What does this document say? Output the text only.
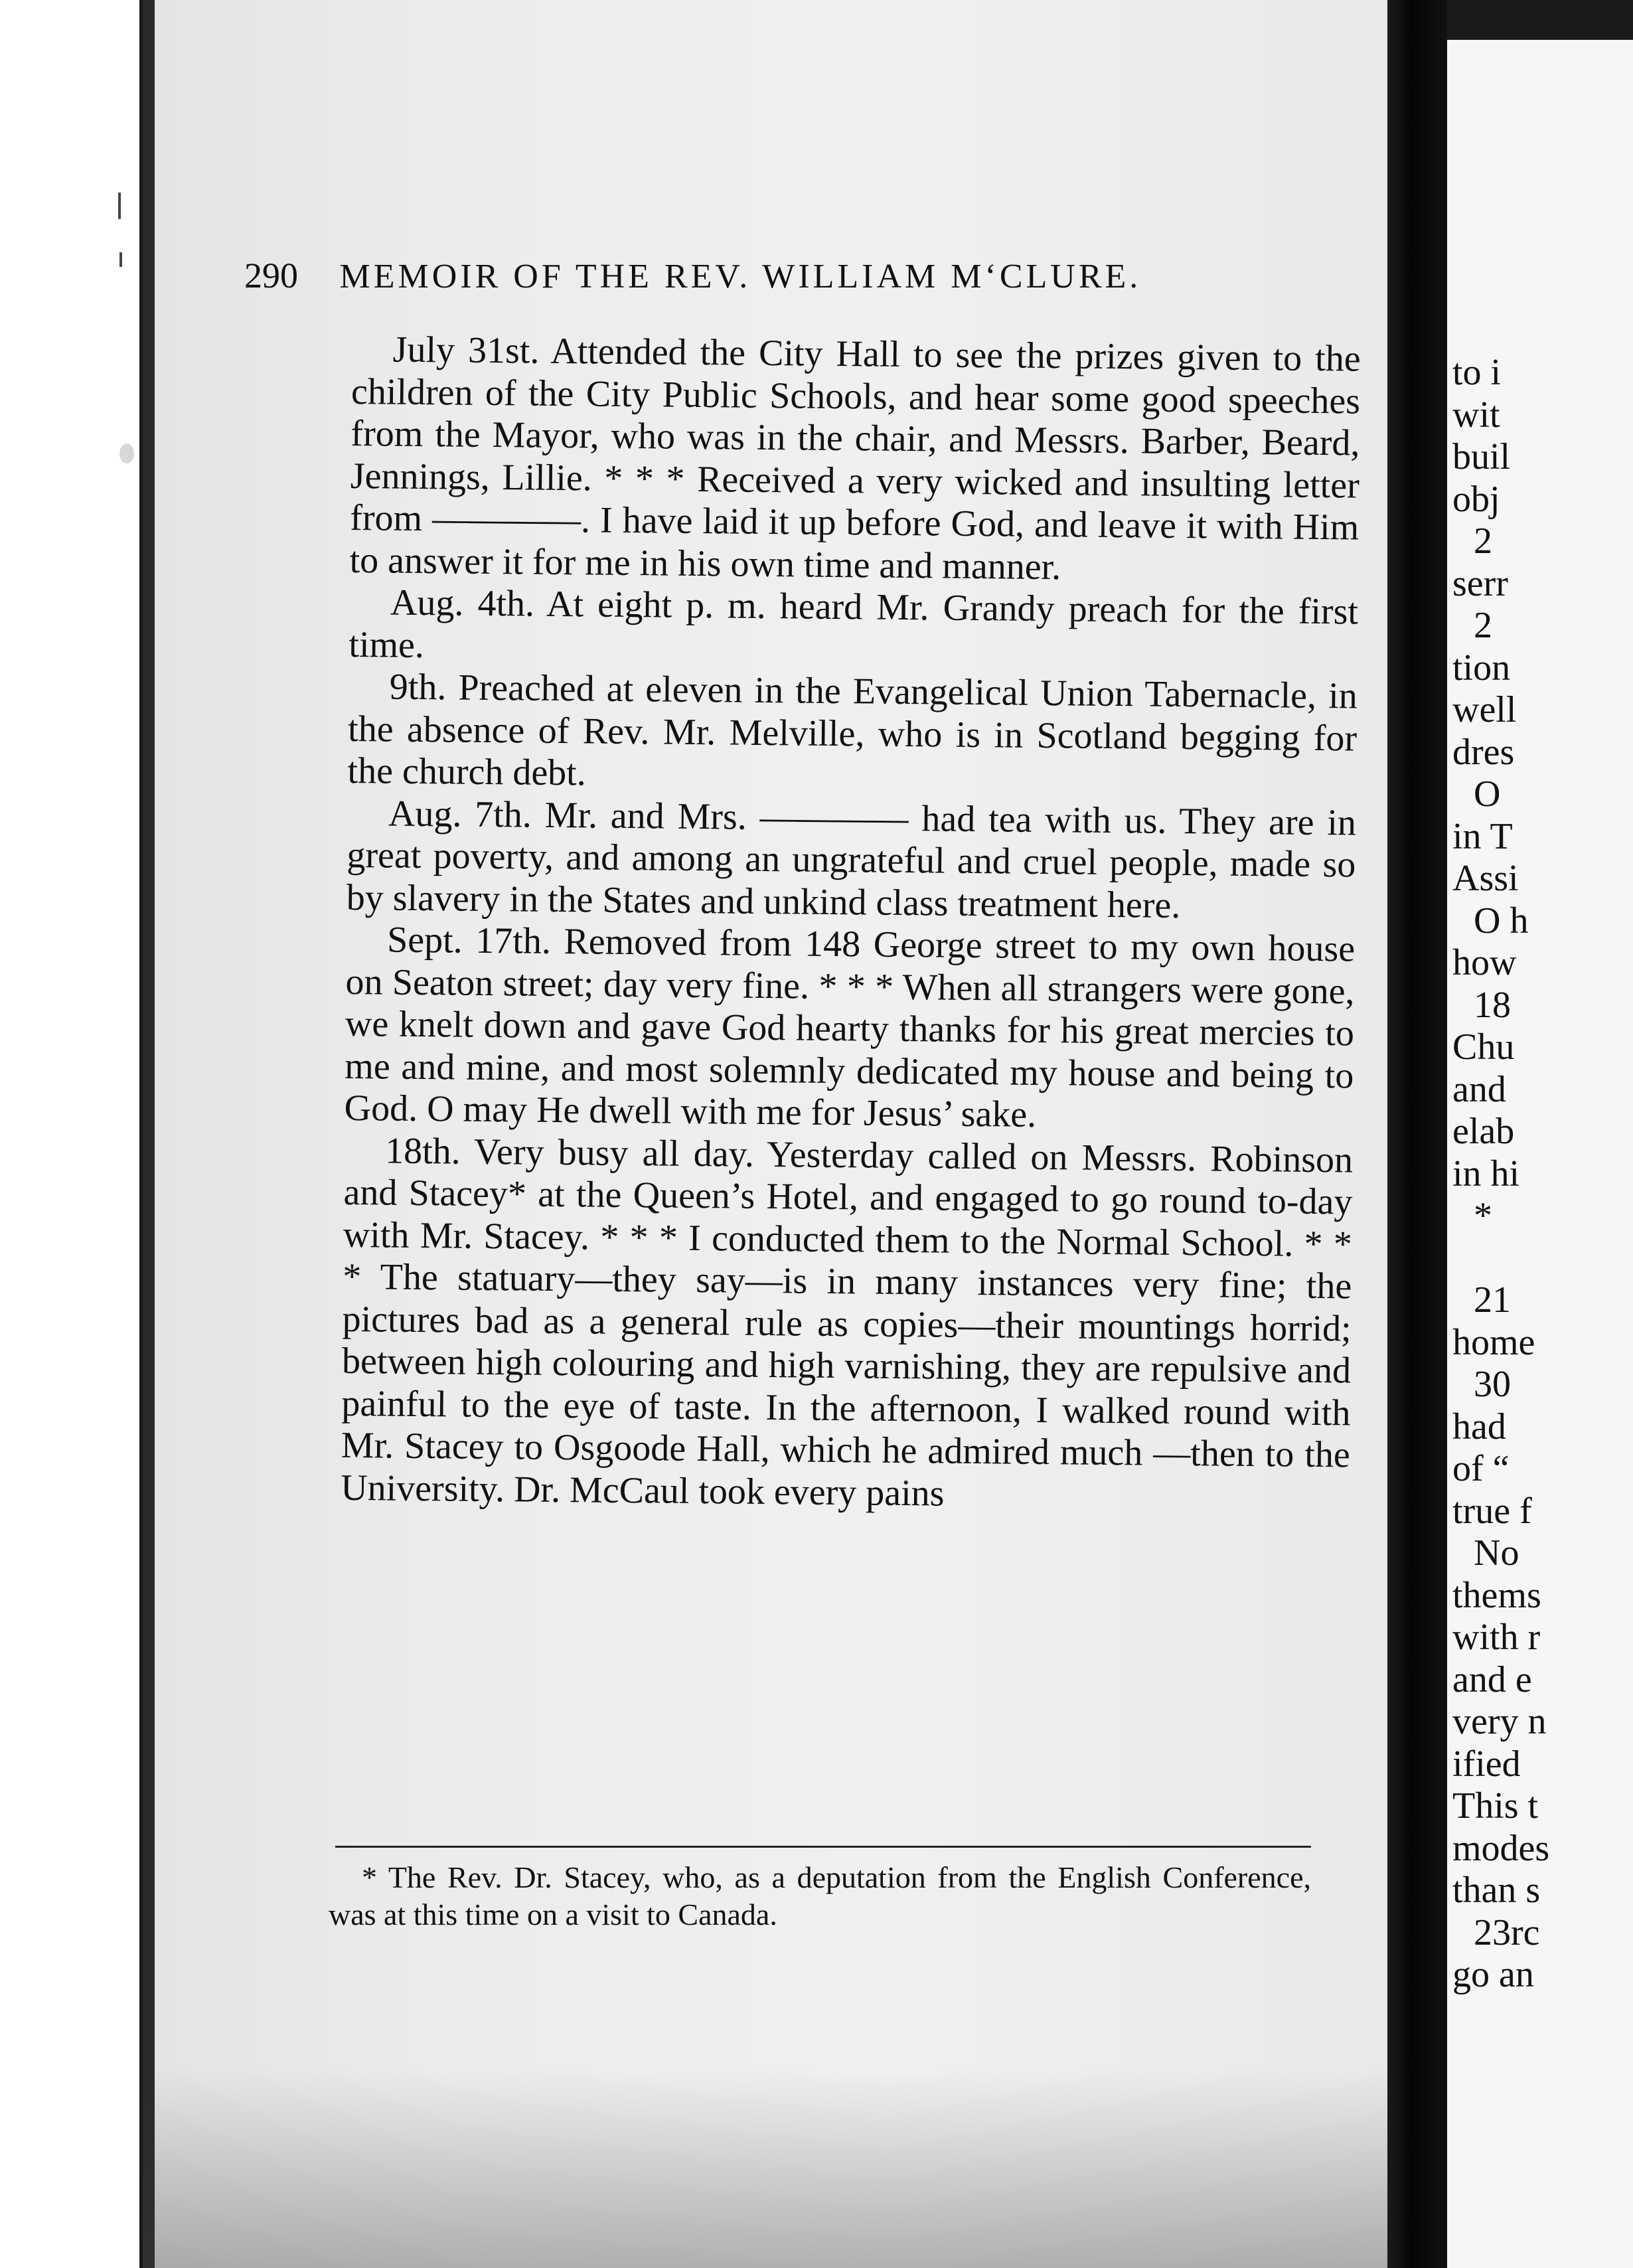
290 MEMOIR OF THE REV. WILLIAM M‘CLURE.

July 31st. Attended the City Hall to see the prizes given to the children of the City Public Schools, and hear some good speeches from the Mayor, who was in the chair, and Messrs. Barber, Beard, Jennings, Lillie. * * * Received a very wicked and insulting letter from ————. I have laid it up before God, and leave it with Him to answer it for me in his own time and manner.

Aug. 4th. At eight p. m. heard Mr. Grandy preach for the first time.

9th. Preached at eleven in the Evangelical Union Tabernacle, in the absence of Rev. Mr. Melville, who is in Scotland begging for the church debt.

Aug. 7th. Mr. and Mrs. ———— had tea with us. They are in great poverty, and among an ungrateful and cruel people, made so by slavery in the States and unkind class treatment here.

Sept. 17th. Removed from 148 George street to my own house on Seaton street; day very fine. * * * When all strangers were gone, we knelt down and gave God hearty thanks for his great mercies to me and mine, and most solemnly dedicated my house and being to God. O may He dwell with me for Jesus’ sake.

18th. Very busy all day. Yesterday called on Messrs. Robinson and Stacey* at the Queen’s Hotel, and engaged to go round to-day with Mr. Stacey. * * * I conducted them to the Normal School. * * * The statuary—they say—is in many instances very fine; the pictures bad as a general rule as copies—their mountings horrid; between high colouring and high varnishing, they are repulsive and painful to the eye of taste. In the afternoon, I walked round with Mr. Stacey to Osgoode Hall, which he admired much —then to the University. Dr. McCaul took every pains

* The Rev. Dr. Stacey, who, as a deputation from the English Conference, was at this time on a visit to Canada.
to i
wit
buil
obj
2
serr
2
tion
well
dres
O
in T
Assi
O h
how
18
Chu
and
elab
in hi
*
21
home
30
had
of “
true f
No
thems
with r
and e
very n
ified
This t
modes
than s
23rc
go an
